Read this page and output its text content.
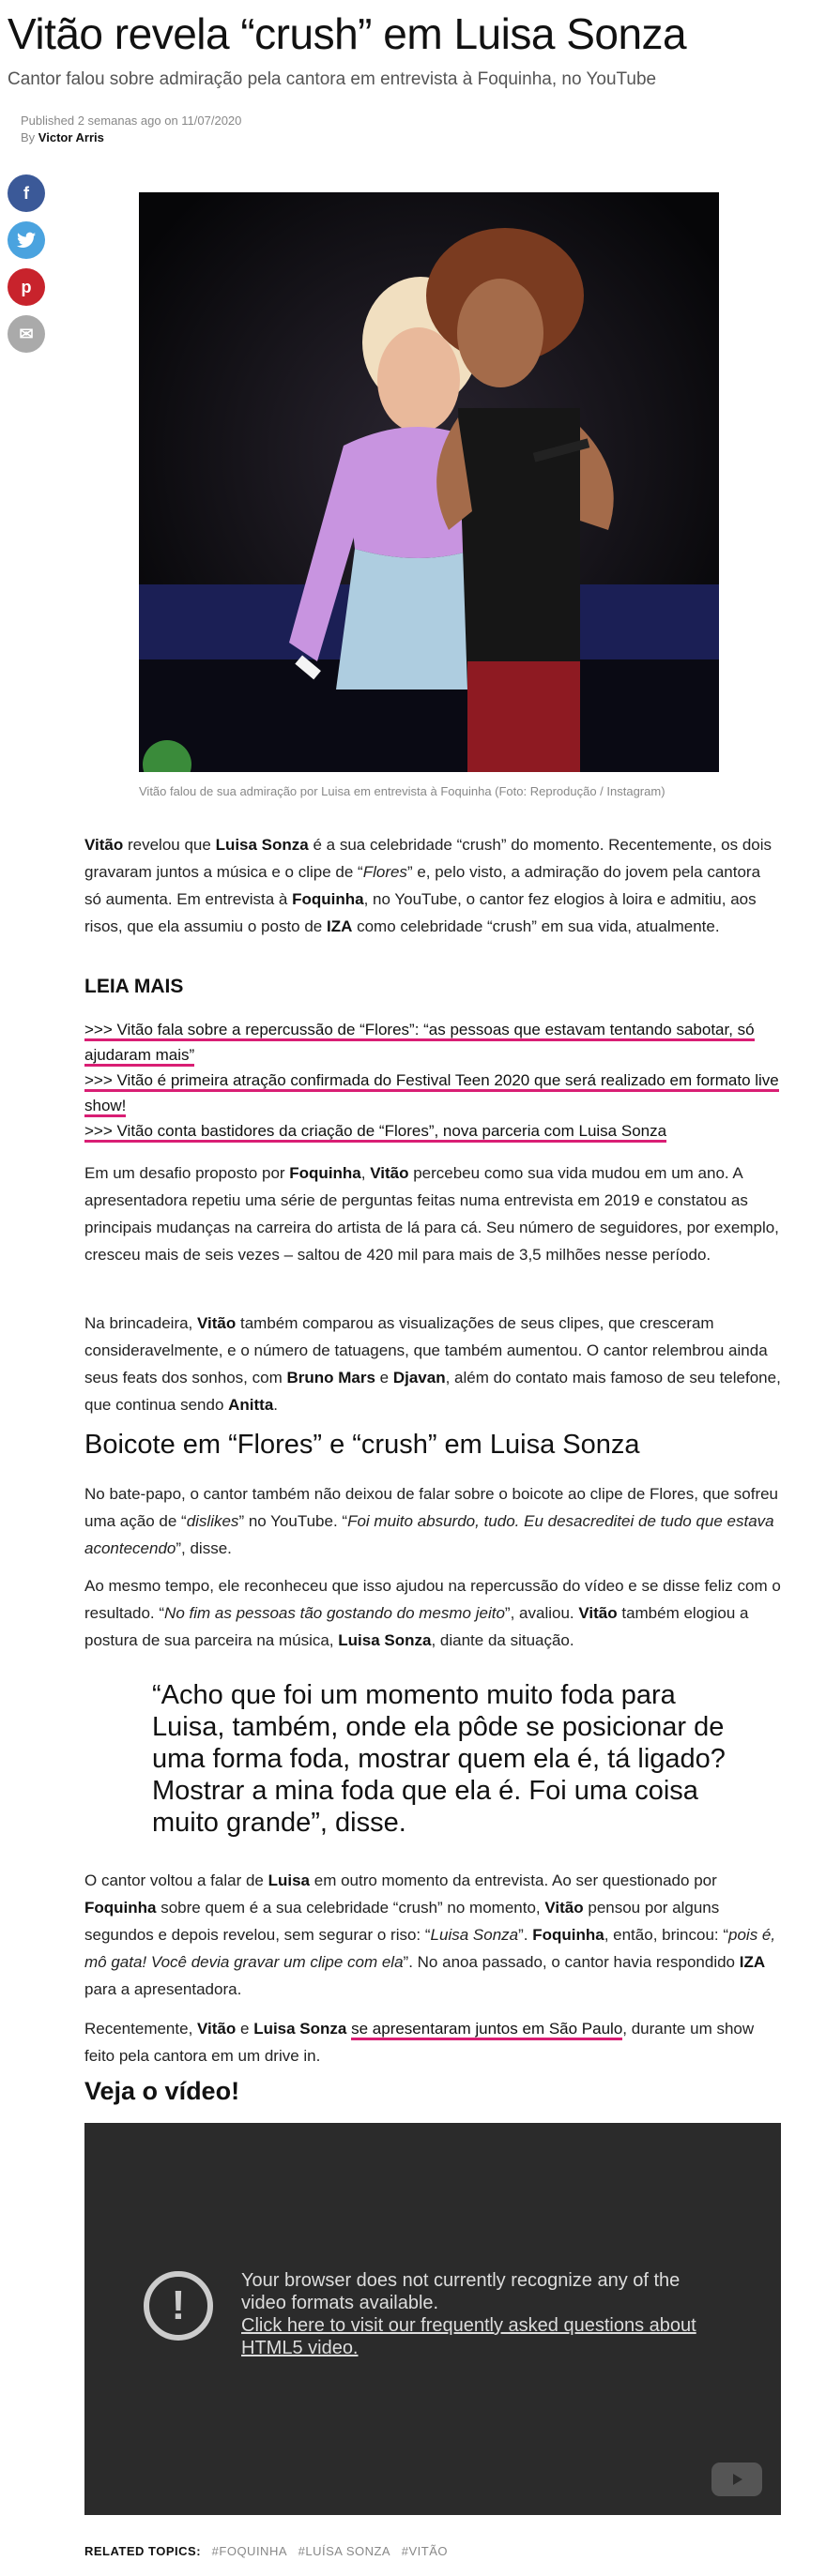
Vitão revela “crush” em Luisa Sonza
Cantor falou sobre admiração pela cantora em entrevista à Foquinha, no YouTube
Published 2 semanas ago on 11/07/2020
By Victor Arris
f
p
✉
Vitão falou de sua admiração por Luisa em entrevista à Foquinha (Foto: Reprodução / Instagram)

Vitão revelou que Luisa Sonza é a sua celebridade “crush” do momento. Recentemente, os dois gravaram juntos a música e o clipe de “Flores” e, pelo visto, a admiração do jovem pela cantora só aumenta. Em entrevista à Foquinha, no YouTube, o cantor fez elogios à loira e admitiu, aos risos, que ela assumiu o posto de IZA como celebridade “crush” em sua vida, atualmente.

LEIA MAIS
>>> Vitão fala sobre a repercussão de “Flores”: “as pessoas que estavam tentando sabotar, só ajudaram mais”
>>> Vitão é primeira atração confirmada do Festival Teen 2020 que será realizado em formato live show!
>>> Vitão conta bastidores da criação de “Flores”, nova parceria com Luisa Sonza

Em um desafio proposto por Foquinha, Vitão percebeu como sua vida mudou em um ano. A apresentadora repetiu uma série de perguntas feitas numa entrevista em 2019 e constatou as principais mudanças na carreira do artista de lá para cá. Seu número de seguidores, por exemplo, cresceu mais de seis vezes – saltou de 420 mil para mais de 3,5 milhões nesse período.

Na brincadeira, Vitão também comparou as visualizações de seus clipes, que cresceram consideravelmente, e o número de tatuagens, que também aumentou. O cantor relembrou ainda seus feats dos sonhos, com Bruno Mars e Djavan, além do contato mais famoso de seu telefone, que continua sendo Anitta.

Boicote em “Flores” e “crush” em Luisa Sonza

No bate-papo, o cantor também não deixou de falar sobre o boicote ao clipe de Flores, que sofreu uma ação de “dislikes” no YouTube. “Foi muito absurdo, tudo. Eu desacreditei de tudo que estava acontecendo”, disse.

Ao mesmo tempo, ele reconheceu que isso ajudou na repercussão do vídeo e se disse feliz com o resultado. “No fim as pessoas tão gostando do mesmo jeito”, avaliou. Vitão também elogiou a postura de sua parceira na música, Luisa Sonza, diante da situação.

“Acho que foi um momento muito foda para Luisa, também, onde ela pôde se posicionar de uma forma foda, mostrar quem ela é, tá ligado? Mostrar a mina foda que ela é. Foi uma coisa muito grande”, disse.

O cantor voltou a falar de Luisa em outro momento da entrevista. Ao ser questionado por Foquinha sobre quem é a sua celebridade “crush” no momento, Vitão pensou por alguns segundos e depois revelou, sem segurar o riso: “Luisa Sonza”. Foquinha, então, brincou: “pois é, mô gata! Você devia gravar um clipe com ela”. No anoa passado, o cantor havia respondido IZA para a apresentadora.

Recentemente, Vitão e Luisa Sonza se apresentaram juntos em São Paulo, durante um show feito pela cantora em um drive in.

Veja o vídeo!
!
Your browser does not currently recognize any of the video formats available.
Click here to visit our frequently asked questions about HTML5 video.
RELATED TOPICS: #FOQUINHA #LUÍSA SONZA #VITÃO
